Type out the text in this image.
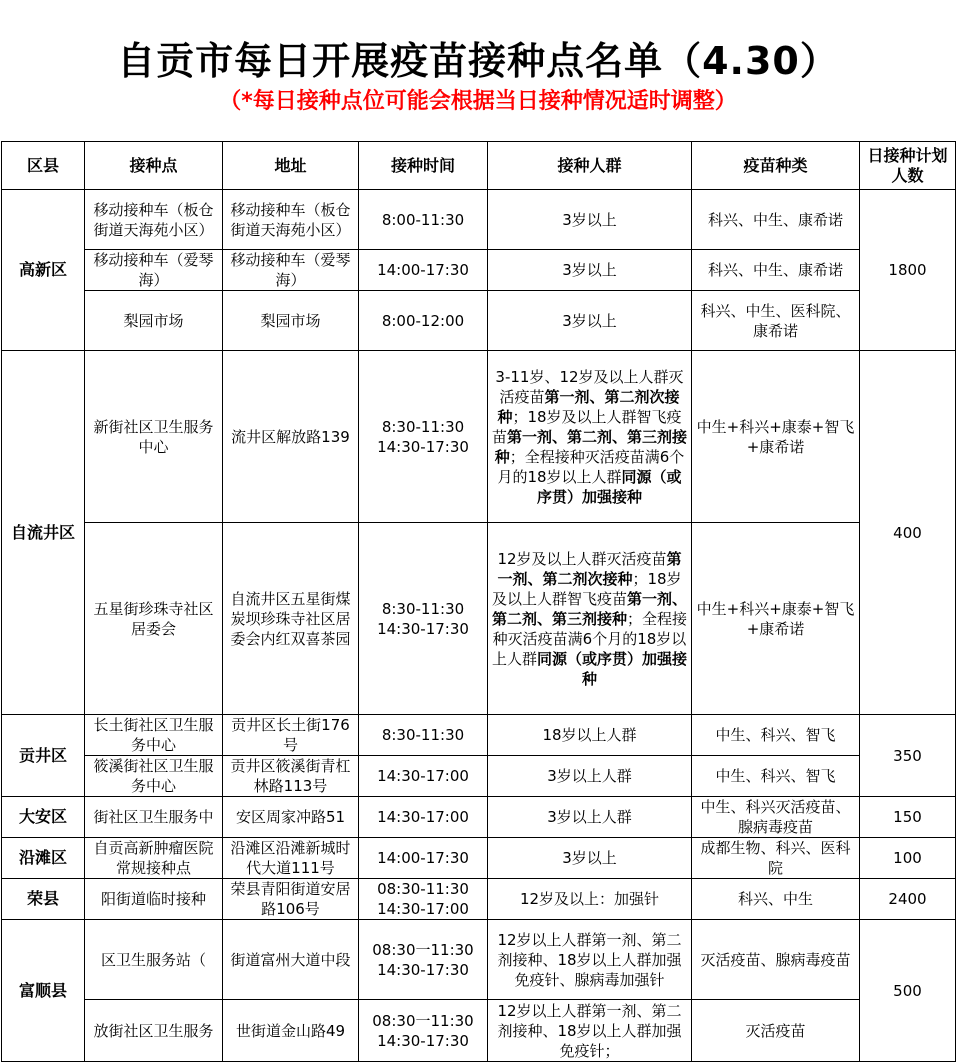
自贡市每日开展疫苗接种点名单（4.30）
（*每日接种点位可能会根据当日接种情况适时调整）
区县	接种点	地址	接种时间	接种人群	疫苗种类	日接种计划人数
高新区	移动接种车（板仓街道天海苑小区）	移动接种车（板仓街道天海苑小区）	8:00-11:30	3岁以上	科兴、中生、康希诺	1800
	移动接种车（爱琴海）	移动接种车（爱琴海）	14:00-17:30	3岁以上	科兴、中生、康希诺	
	梨园市场	梨园市场	8:00-12:00	3岁以上	科兴、中生、医科院、
康希诺	
自流井区	新街社区卫生服务中心	流井区解放路139	8:30-11:30
14:30-17:30	3-11岁、12岁及以上人群灭活疫苗第一剂、第二剂次接种；18岁及以上人群智飞疫苗第一剂、第二剂、第三剂接种；全程接种灭活疫苗满6个月的18岁以上人群同源（或序贯）加强接种	中生+科兴+康泰+智飞+康希诺	400
	五星街珍珠寺社区居委会	自流井区五星街煤炭坝珍珠寺社区居委会内红双喜茶园	8:30-11:30
14:30-17:30	12岁及以上人群灭活疫苗第一剂、第二剂次接种；18岁及以上人群智飞疫苗第一剂、第二剂、第三剂接种；全程接种灭活疫苗满6个月的18岁以上人群同源（或序贯）加强接种	中生+科兴+康泰+智飞+康希诺	
贡井区	长土街社区卫生服务中心	贡井区长土街176号	8:30-11:30	18岁以上人群	中生、科兴、智飞	350
	筱溪街社区卫生服务中心	贡井区筱溪街青杠林路113号	14:30-17:00	3岁以上人群	中生、科兴、智飞	
大安区	街社区卫生服务中	安区周家冲路51	14:30-17:00	3岁以上人群	中生、科兴灭活疫苗、腺病毒疫苗	150
沿滩区	自贡高新肿瘤医院常规接种点	沿滩区沿滩新城时代大道111号	14:00-17:30	3岁以上	成都生物、科兴、医科院	100
荣县	阳街道临时接种	荣县青阳街道安居路106号	08:30-11:30
14:30-17:00	12岁及以上：加强针	科兴、中生	2400
富顺县	区卫生服务站（	街道富州大道中段	08:30一11:30
14:30-17:30	12岁以上人群第一剂、第二剂接种、18岁以上人群加强免疫针、腺病毒加强针	灭活疫苗、腺病毒疫苗	500
	放街社区卫生服务	世街道金山路49	08:30一11:30
14:30-17:30	12岁以上人群第一剂、第二剂接种、18岁以上人群加强免疫针；	灭活疫苗	
